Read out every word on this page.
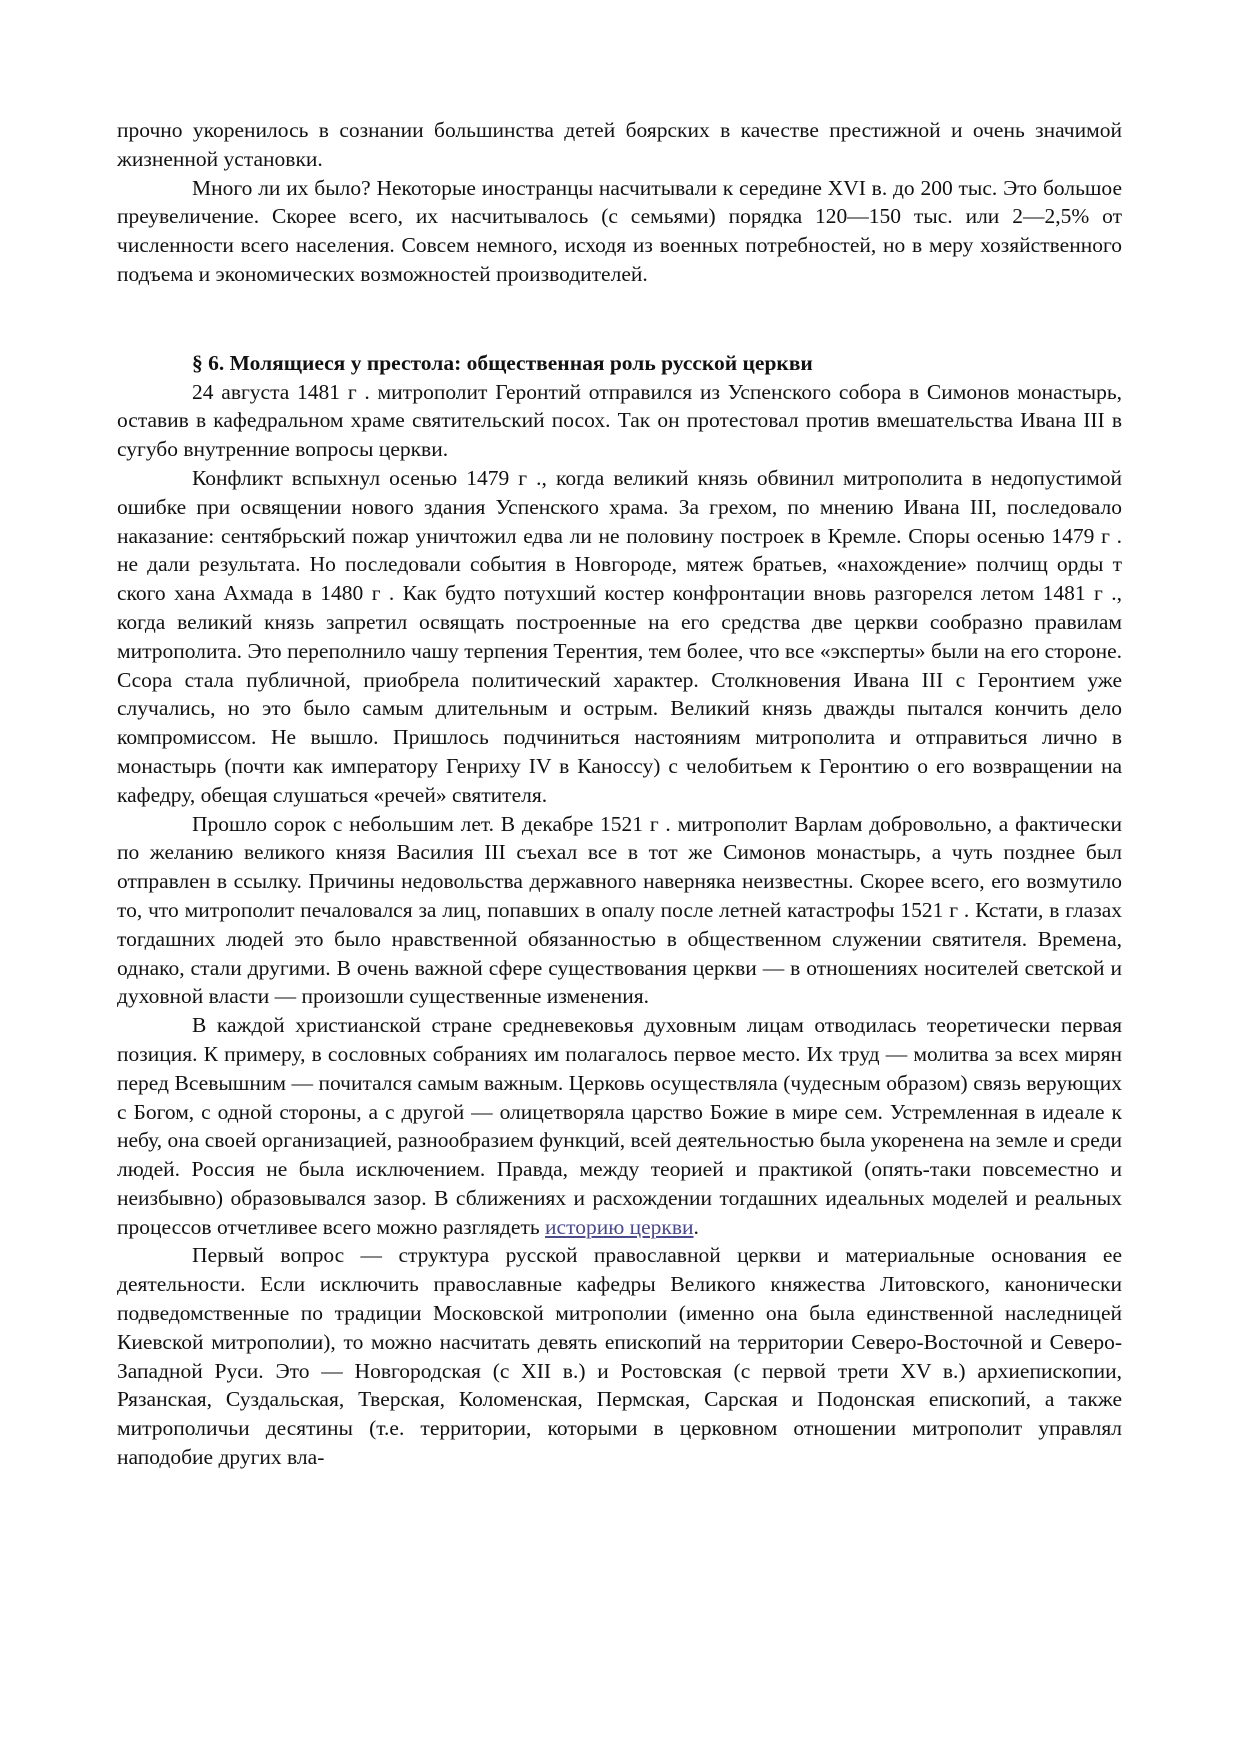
прочно укоренилось в сознании большинства детей боярских в качестве престижной и очень значимой жизненной установки.

Много ли их было? Некоторые иностранцы насчитывали к середине XVI в. до 200 тыс. Это большое преувеличение. Скорее всего, их насчитывалось (с семьями) порядка 120—150 тыс. или 2—2,5% от численности всего населения. Совсем немного, исходя из военных потребностей, но в меру хозяйственного подъема и экономических возможностей производителей.

§ 6. Молящиеся у престола: общественная роль русской церкви

24 августа 1481 г . митрополит Геронтий отправился из Успенского собора в Симонов монастырь, оставив в кафедральном храме святительский посох. Так он протестовал против вмешательства Ивана III в сугубо внутренние вопросы церкви.

Конфликт вспыхнул осенью 1479 г ., когда великий князь обвинил митрополита в недопустимой ошибке при освящении нового здания Успенского храма. За грехом, по мнению Ивана III, последовало наказание: сентябрьский пожар уничтожил едва ли не половину построек в Кремле. Споры осенью 1479 г . не дали результата. Но последовали события в Новгороде, мятеж братьев, «нахождение» полчищ орды т ского хана Ахмада в 1480 г . Как будто потухший костер конфронтации вновь разгорелся летом 1481 г ., когда великий князь запретил освящать построенные на его средства две церкви сообразно правилам митрополита. Это переполнило чашу терпения Терентия, тем более, что все «эксперты» были на его стороне. Ссора стала публичной, приобрела политический характер. Столкновения Ивана III с Геронтием уже случались, но это было самым длительным и острым. Великий князь дважды пытался кончить дело компромиссом. Не вышло. Пришлось подчиниться настояниям митрополита и отправиться лично в монастырь (почти как императору Генриху IV в Каноссу) с челобитьем к Геронтию о его возвращении на кафедру, обещая слушаться «речей» святителя.

Прошло сорок с небольшим лет. В декабре 1521 г . митрополит Варлам добровольно, а фактически по желанию великого князя Василия III съехал все в тот же Симонов монастырь, а чуть позднее был отправлен в ссылку. Причины недовольства державного наверняка неизвестны. Скорее всего, его возмутило то, что митрополит печаловался за лиц, попавших в опалу после летней катастрофы 1521 г . Кстати, в глазах тогдашних людей это было нравственной обязанностью в общественном служении святителя. Времена, однако, стали другими. В очень важной сфере существования церкви — в отношениях носителей светской и духовной власти — произошли существенные изменения.

В каждой христианской стране средневековья духовным лицам отводилась теоретически первая позиция. К примеру, в сословных собраниях им полагалось первое место. Их труд — молитва за всех мирян перед Всевышним — почитался самым важным. Церковь осуществляла (чудесным образом) связь верующих с Богом, с одной стороны, а с другой — олицетворяла царство Божие в мире сем. Устремленная в идеале к небу, она своей организацией, разнообразием функций, всей деятельностью была укоренена на земле и среди людей. Россия не была исключением. Правда, между теорией и практикой (опять-таки повсеместно и неизбывно) образовывался зазор. В сближениях и расхождении тогдашних идеальных моделей и реальных процессов отчетливее всего можно разглядеть историю церкви.

Первый вопрос — структура русской православной церкви и материальные основания ее деятельности. Если исключить православные кафедры Великого княжества Литовского, канонически подведомственные по традиции Московской митрополии (именно она была единственной наследницей Киевской митрополии), то можно насчитать девять епископий на территории Северо-Восточной и Северо-Западной Руси. Это — Новгородская (с XII в.) и Ростовская (с первой трети XV в.) архиепископии, Рязанская, Суздальская, Тверская, Коломенская, Пермская, Сарская и Подонская епископий, а также митрополичьи десятины (т.е. территории, которыми в церковном отношении митрополит управлял наподобие других вла-
